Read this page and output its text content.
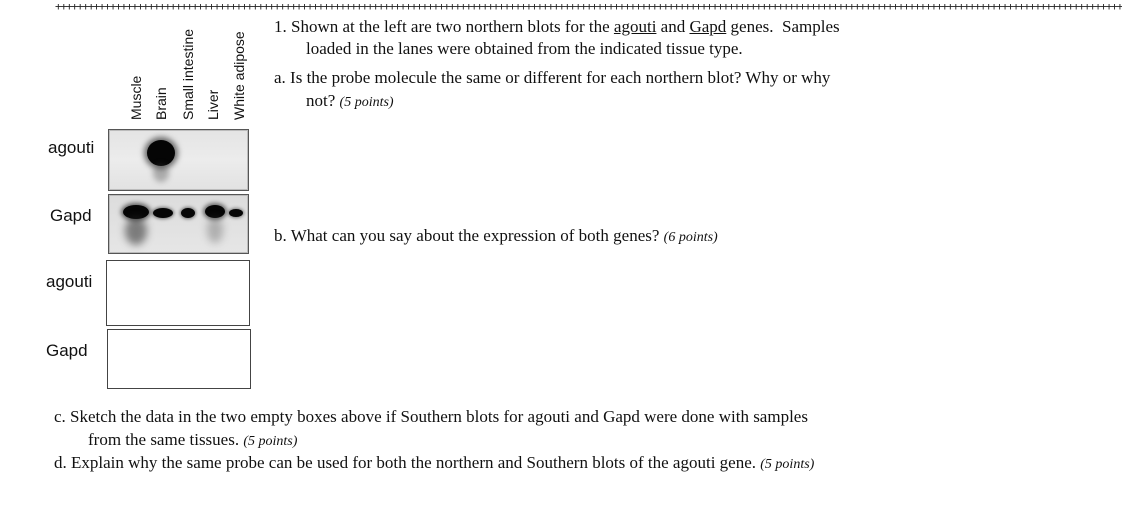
+++++++++++++++++++++++++++++++++++++++++++++++++++++++++++++++++++++++++++++++++++++++++++++++++++++++++++++++++++++++++++++++++++++++++++++++++++++++++++++++++++++++++++++++++++++++++++++++++++
Muscle Brain Small intestine Liver White adipose
agouti
Gapd
agouti
Gapd
1. Shown at the left are two northern blots for the agouti and Gapd genes.  Samples
loaded in the lanes were obtained from the indicated tissue type.
a. Is the probe molecule the same or different for each northern blot? Why or why
not? (5 points)
b. What can you say about the expression of both genes? (6 points)
c. Sketch the data in the two empty boxes above if Southern blots for agouti and Gapd were done with samples
from the same tissues. (5 points)
d. Explain why the same probe can be used for both the northern and Southern blots of the agouti gene. (5 points)
